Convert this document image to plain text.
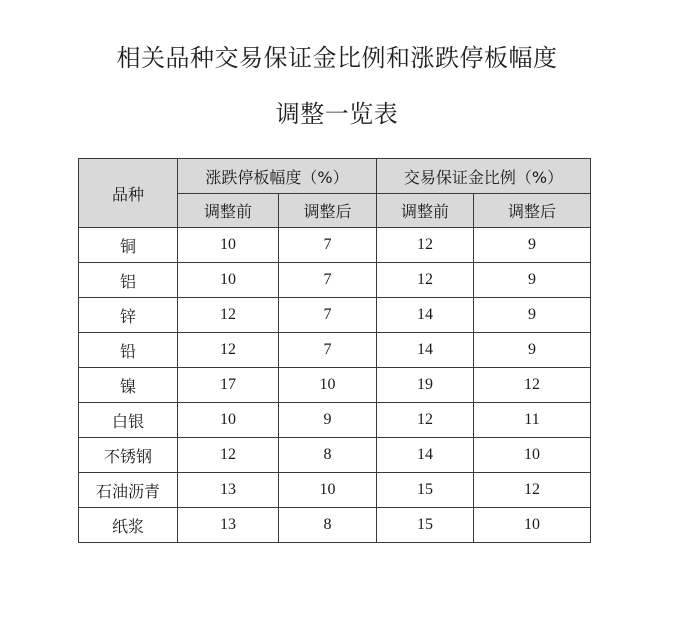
相关品种交易保证金比例和涨跌停板幅度
调整一览表
品种	涨跌停板幅度（%）		交易保证金比例（%）	
	调整前	调整后	调整前	调整后
铜	10	7	12	9
铝	10	7	12	9
锌	12	7	14	9
铅	12	7	14	9
镍	17	10	19	12
白银	10	9	12	11
不锈钢	12	8	14	10
石油沥青	13	10	15	12
纸浆	13	8	15	10
